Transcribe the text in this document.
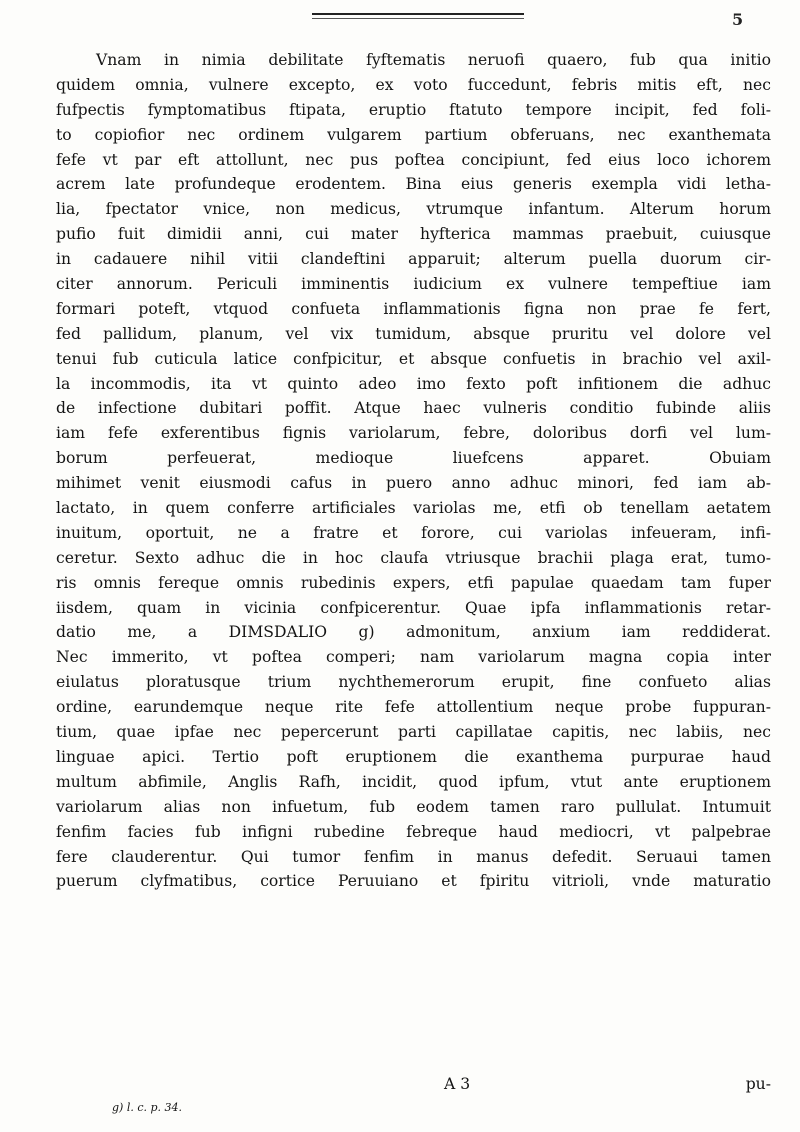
5
Vnam in nimia debilitate fyftematis neruofi quaero, fub qua initio
quidem omnia, vulnere excepto, ex voto fuccedunt, febris mitis eft, nec
fufpectis fymptomatibus ftipata, eruptio ftatuto tempore incipit, fed foli-
to copiofior nec ordinem vulgarem partium obferuans, nec exanthemata
fefe vt par eft attollunt, nec pus poftea concipiunt, fed eius loco ichorem
acrem late profundeque erodentem. Bina eius generis exempla vidi letha-
lia, fpectator vnice, non medicus, vtrumque infantum. Alterum horum
pufio fuit dimidii anni, cui mater hyfterica mammas praebuit, cuiusque
in cadauere nihil vitii clandeftini apparuit; alterum puella duorum cir-
citer annorum. Periculi imminentis iudicium ex vulnere tempeftiue iam
formari poteft, vtquod confueta inflammationis figna non prae fe fert,
fed pallidum, planum, vel vix tumidum, absque pruritu vel dolore vel
tenui fub cuticula latice confpicitur, et absque confuetis in brachio vel axil-
la incommodis, ita vt quinto adeo imo fexto poft infitionem die adhuc
de infectione dubitari poffit. Atque haec vulneris conditio fubinde aliis
iam fefe exferentibus fignis variolarum, febre, doloribus dorfi vel lum-
borum perfeuerat, medioque liuefcens apparet. Obuiam
mihimet venit eiusmodi cafus in puero anno adhuc minori, fed iam ab-
lactato, in quem conferre artificiales variolas me, etfi ob tenellam aetatem
inuitum, oportuit, ne a fratre et forore, cui variolas infeueram, infi-
ceretur. Sexto adhuc die in hoc claufa vtriusque brachii plaga erat, tumo-
ris omnis fereque omnis rubedinis expers, etfi papulae quaedam tam fuper
iisdem, quam in vicinia confpicerentur. Quae ipfa inflammationis retar-
datio me, a DIMSDALIO g) admonitum, anxium iam reddiderat.
Nec immerito, vt poftea comperi; nam variolarum magna copia inter
eiulatus ploratusque trium nychthemerorum erupit, fine confueto alias
ordine, earundemque neque rite fefe attollentium neque probe fuppuran-
tium, quae ipfae nec pepercerunt parti capillatae capitis, nec labiis, nec
linguae apici. Tertio poft eruptionem die exanthema purpurae haud
multum abfimile, Anglis Rafh, incidit, quod ipfum, vtut ante eruptionem
variolarum alias non infuetum, fub eodem tamen raro pullulat. Intumuit
fenfim facies fub infigni rubedine febreque haud mediocri, vt palpebrae
fere clauderentur. Qui tumor fenfim in manus defedit. Seruaui tamen
puerum clyfmatibus, cortice Peruuiano et fpiritu vitrioli, vnde maturatio
A 3	pu-
g) l. c. p. 34.
